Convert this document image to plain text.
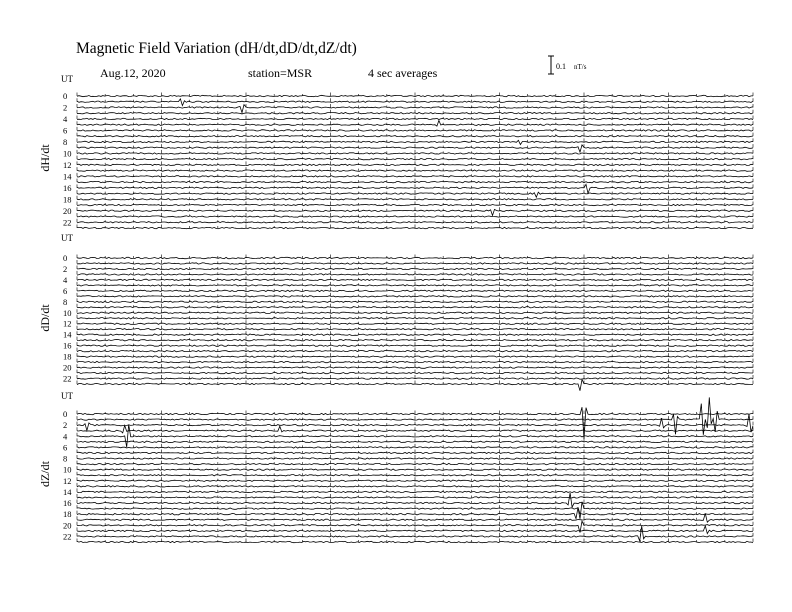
Magnetic Field Variation (dH/dt,dD/dt,dZ/dt)
Aug.12, 2020	station=MSR	4 sec averages	0.1 nT/s
UT
dH/dt
0
2
4
6
8
10
12
14
16
18
20
22
UT
dD/dt
0
2
4
6
8
10
12
14
16
18
20
22
UT
dZ/dt
0
2
4
6
8
10
12
14
16
18
20
22
